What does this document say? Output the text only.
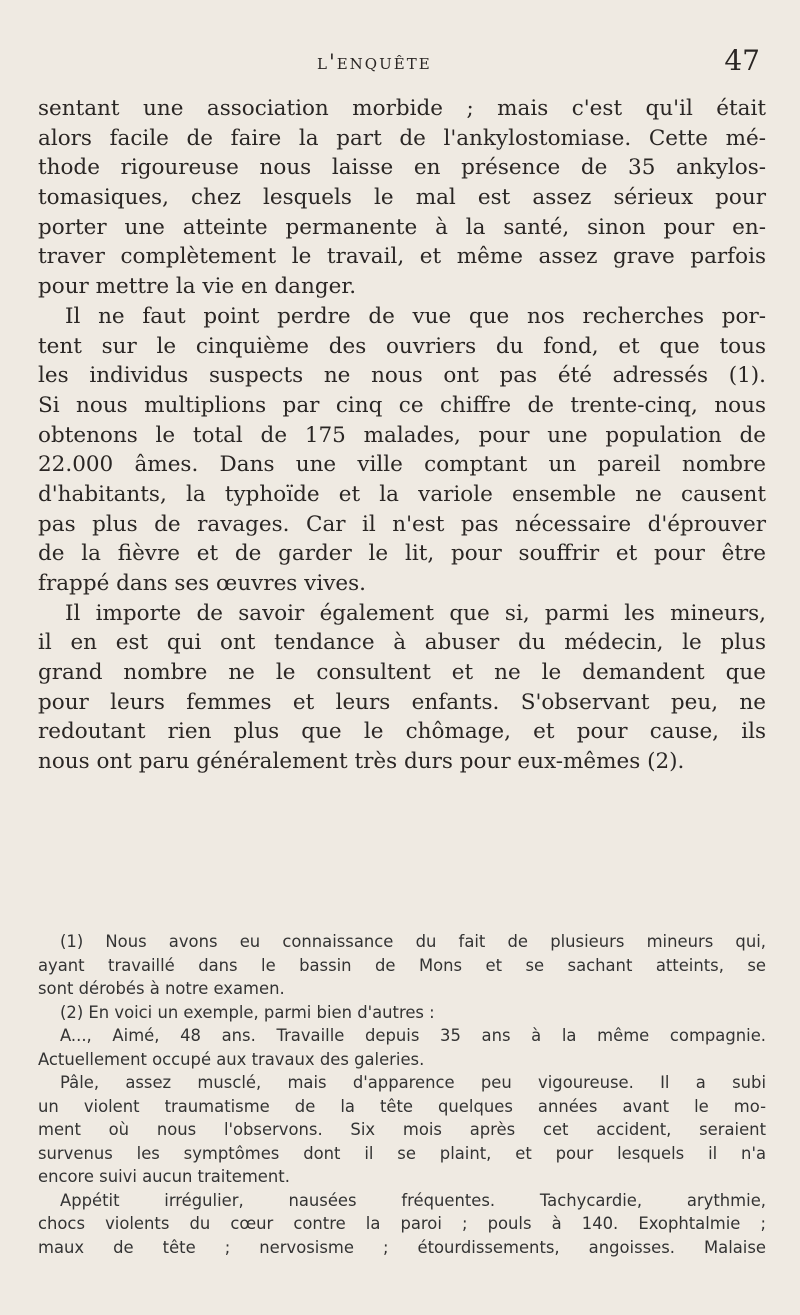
l'enquête	47
sentant une association morbide ; mais c'est qu'il était
alors facile de faire la part de l'ankylostomiase. Cette mé-
thode rigoureuse nous laisse en présence de 35 ankylos-
tomasiques, chez lesquels le mal est assez sérieux pour
porter une atteinte permanente à la santé, sinon pour en-
traver complètement le travail, et même assez grave parfois
pour mettre la vie en danger.
Il ne faut point perdre de vue que nos recherches por-
tent sur le cinquième des ouvriers du fond, et que tous
les individus suspects ne nous ont pas été adressés (1).
Si nous multiplions par cinq ce chiffre de trente-cinq, nous
obtenons le total de 175 malades, pour une population de
22.000 âmes. Dans une ville comptant un pareil nombre
d'habitants, la typhoïde et la variole ensemble ne causent
pas plus de ravages. Car il n'est pas nécessaire d'éprouver
de la fièvre et de garder le lit, pour souffrir et pour être
frappé dans ses œuvres vives.
Il importe de savoir également que si, parmi les mineurs,
il en est qui ont tendance à abuser du médecin, le plus
grand nombre ne le consultent et ne le demandent que
pour leurs femmes et leurs enfants. S'observant peu, ne
redoutant rien plus que le chômage, et pour cause, ils
nous ont paru généralement très durs pour eux-mêmes (2).
(1) Nous avons eu connaissance du fait de plusieurs mineurs qui,
ayant travaillé dans le bassin de Mons et se sachant atteints, se
sont dérobés à notre examen.
(2) En voici un exemple, parmi bien d'autres :
A..., Aimé, 48 ans. Travaille depuis 35 ans à la même compagnie.
Actuellement occupé aux travaux des galeries.
Pâle, assez musclé, mais d'apparence peu vigoureuse. Il a subi
un violent traumatisme de la tête quelques années avant le mo-
ment où nous l'observons. Six mois après cet accident, seraient
survenus les symptômes dont il se plaint, et pour lesquels il n'a
encore suivi aucun traitement.
Appétit irrégulier, nausées fréquentes. Tachycardie, arythmie,
chocs violents du cœur contre la paroi ; pouls à 140. Exophtalmie ;
maux de tête ; nervosisme ; étourdissements, angoisses. Malaise
